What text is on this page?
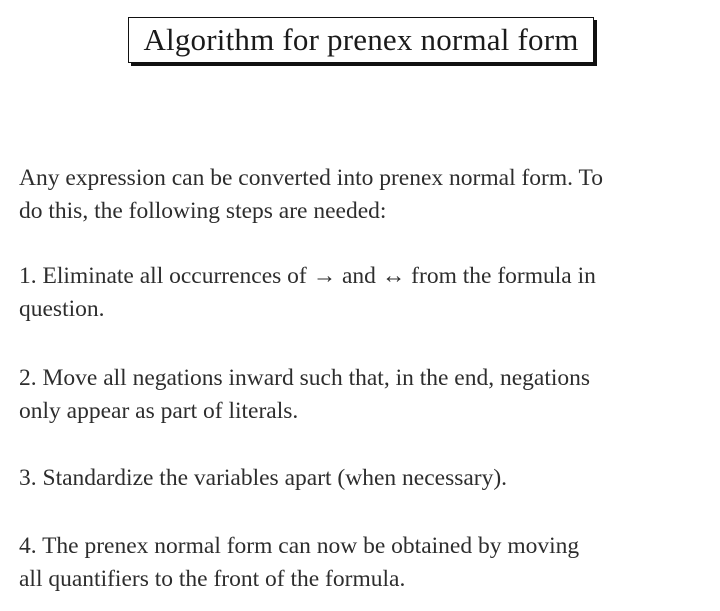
Algorithm for prenex normal form

Any expression can be converted into prenex normal form. To
do this, the following steps are needed:

1. Eliminate all occurrences of → and ↔ from the formula in
question.

2. Move all negations inward such that, in the end, negations
only appear as part of literals.

3. Standardize the variables apart (when necessary).

4. The prenex normal form can now be obtained by moving
all quantifiers to the front of the formula.
